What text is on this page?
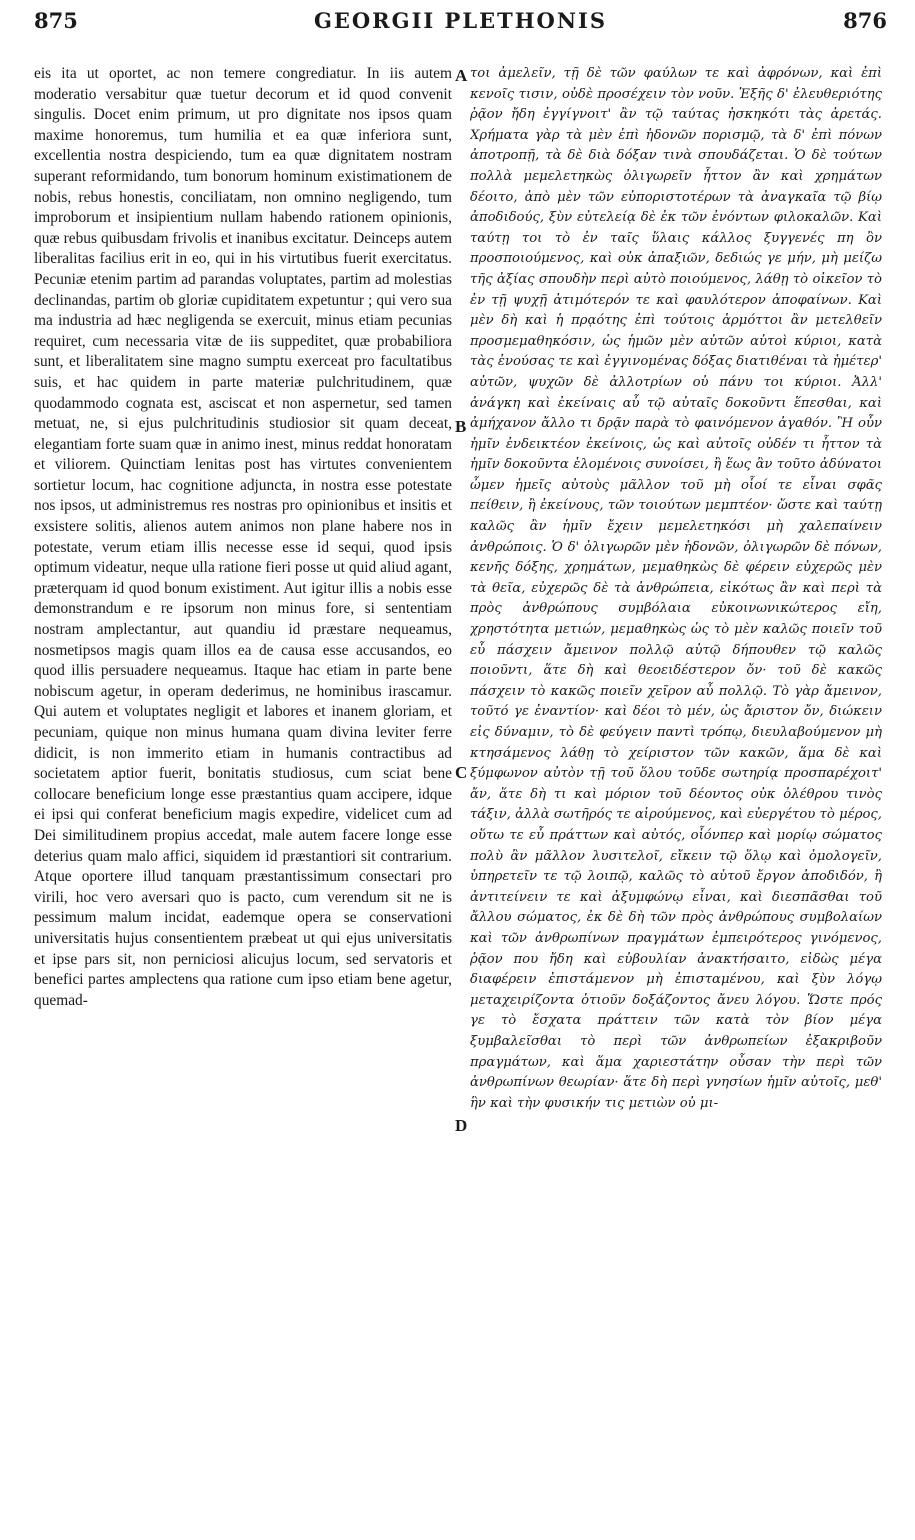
875	GEORGII PLETHONIS	876

eis ita ut oportet, ac non temere congrediatur. In iis autem moderatio versabitur quæ tuetur decorum et id quod convenit singulis. Docet enim primum, ut pro dignitate nos ipsos quam maxime honoremus, tum humilia et ea quæ inferiora sunt, excellentia nostra despiciendo, tum ea quæ dignitatem nostram superant reformidando, tum bonorum hominum existimationem de nobis, rebus honestis, conciliatam, non omnino negligendo, tum improborum et insipientium nullam habendo rationem opinionis, quæ rebus quibusdam frivolis et inanibus excitatur. Deinceps autem liberalitas facilius erit in eo, qui in his virtutibus fuerit exercitatus. Pecuniæ etenim partim ad parandas voluptates, partim ad molestias declinandas, partim ob gloriæ cupiditatem expetuntur ; qui vero sua ma industria ad hæc negligenda se exercuit, minus etiam pecunias requiret, cum necessaria vitæ de iis suppeditet, quæ probabiliora sunt, et liberalitatem sine magno sumptu exerceat pro facultatibus suis, et hac quidem in parte materiæ pulchritudinem, quæ quodammodo cognata est, asciscat et non aspernetur, sed tamen metuat, ne, si ejus pulchritudinis studiosior sit quam deceat, elegantiam forte suam quæ in animo inest, minus reddat honoratam et viliorem. Quinctiam lenitas post has virtutes convenientem sortietur locum, hac cognitione adjuncta, in nostra esse potestate nos ipsos, ut administremus res nostras pro opinionibus et insitis et exsistere solitis, alienos autem animos non plane habere nos in potestate, verum etiam illis necesse esse id sequi, quod ipsis optimum videatur, neque ulla ratione fieri posse ut quid aliud agant, præterquam id quod bonum existiment. Aut igitur illis a nobis esse demonstrandum e re ipsorum non minus fore, si sententiam nostram amplectantur, aut quandiu id præstare nequeamus, nosmetipsos magis quam illos ea de causa esse accusandos, eo quod illis persuadere nequeamus. Itaque hac etiam in parte bene nobiscum agetur, in operam dederimus, ne hominibus irascamur. Qui autem et voluptates negligit et labores et inanem gloriam, et pecuniam, quique non minus humana quam divina leviter ferre didicit, is non immerito etiam in humanis contractibus ad societatem aptior fuerit, bonitatis studiosus, cum sciat bene collocare beneficium longe esse præstantius quam accipere, idque ei ipsi qui conferat beneficium magis expedire, videlicet cum ad Dei similitudinem propius accedat, male autem facere longe esse deterius quam malo affici, siquidem id præstantiori sit contrarium. Atque oportere illud tanquam præstantissimum consectari pro virili, hoc vero aversari quo is pacto, cum verendum sit ne is pessimum malum incidat, eademque opera se conservationi universitatis hujus consentientem præbeat ut qui ejus universitatis et ipse pars sit, non perniciosi alicujus locum, sed servatoris et benefici partes amplectens qua ratione cum ipso etiam bene agetur, quemad-

A
B
C
D

τοι ἀμελεῖν, τῇ δὲ τῶν φαύλων τε καὶ ἀφρόνων, καὶ ἐπὶ κενοῖς τισιν, οὐδὲ προσέχειν τὸν νοῦν. Ἐξῆς δ' ἐλευθεριότης ῥᾷον ἤδη ἐγγίγνοιτ' ἂν τῷ ταύτας ἠσκηκότι τὰς ἀρετάς. Χρήματα γὰρ τὰ μὲν ἐπὶ ἡδονῶν πορισμῷ, τὰ δ' ἐπὶ πόνων ἀποτροπῇ, τὰ δὲ διὰ δόξαν τινὰ σπουδάζεται. Ὁ δὲ τούτων πολλὰ μεμελετηκὼς ὀλιγωρεῖν ἧττον ἂν καὶ χρημάτων δέοιτο, ἀπὸ μὲν τῶν εὐποριστοτέρων τὰ ἀναγκαῖα τῷ βίῳ ἀποδιδούς, ξὺν εὐτελείᾳ δὲ ἐκ τῶν ἐνόντων φιλοκαλῶν. Καὶ ταύτῃ τοι τὸ ἐν ταῖς ὕλαις κάλλος ξυγγενές πη ὂν προσποιούμενος, καὶ οὐκ ἀπαξιῶν, δεδιώς γε μήν, μὴ μείζω τῆς ἀξίας σπουδὴν περὶ αὐτὸ ποιούμενος, λάθῃ τὸ οἰκεῖον τὸ ἐν τῇ ψυχῇ ἀτιμότερόν τε καὶ φαυλότερον ἀποφαίνων. Καὶ μὲν δὴ καὶ ἡ πρᾳότης ἐπὶ τούτοις ἁρμόττοι ἂν μετελθεῖν προσμεμαθηκόσιν, ὡς ἡμῶν μὲν αὐτῶν αὐτοὶ κύριοι, κατὰ τὰς ἐνούσας τε καὶ ἐγγινομένας δόξας διατιθέναι τὰ ἡμέτερ' αὐτῶν, ψυχῶν δὲ ἀλλοτρίων οὐ πάνυ τοι κύριοι. Ἀλλ' ἀνάγκη καὶ ἐκείναις αὖ τῷ αὐταῖς δοκοῦντι ἕπεσθαι, καὶ ἀμήχανον ἄλλο τι δρᾷν παρὰ τὸ φαινόμενον ἀγαθόν. Ἢ οὖν ἡμῖν ἐνδεικτέον ἐκείνοις, ὡς καὶ αὐτοῖς οὐδέν τι ἧττον τὰ ἡμῖν δοκοῦντα ἑλομένοις συνοίσει, ἢ ἕως ἂν τοῦτο ἀδύνατοι ὦμεν ἡμεῖς αὐτοὺς μᾶλλον τοῦ μὴ οἷοί τε εἶναι σφᾶς πείθειν, ἢ ἐκείνους, τῶν τοιούτων μεμπτέον· ὥστε καὶ ταύτῃ καλῶς ἂν ἡμῖν ἔχειν μεμελετηκόσι μὴ χαλεπαίνειν ἀνθρώποις. Ὁ δ' ὀλιγωρῶν μὲν ἡδονῶν, ὀλιγωρῶν δὲ πόνων, κενῆς δόξης, χρημάτων, μεμαθηκὼς δὲ φέρειν εὐχερῶς μὲν τὰ θεῖα, εὐχερῶς δὲ τὰ ἀνθρώπεια, εἰκότως ἂν καὶ περὶ τὰ πρὸς ἀνθρώπους συμβόλαια εὐκοινωνικώτερος εἴη, χρηστότητα μετιών, μεμαθηκὼς ὡς τὸ μὲν καλῶς ποιεῖν τοῦ εὖ πάσχειν ἄμεινον πολλῷ αὐτῷ δήπουθεν τῷ καλῶς ποιοῦντι, ἅτε δὴ καὶ θεοειδέστερον ὄν· τοῦ δὲ κακῶς πάσχειν τὸ κακῶς ποιεῖν χεῖρον αὖ πολλῷ. Τὸ γὰρ ἄμεινον, τοῦτό γε ἐναντίον· καὶ δέοι τὸ μέν, ὡς ἄριστον ὄν, διώκειν εἰς δύναμιν, τὸ δὲ φεύγειν παντὶ τρόπῳ, διευλαβούμενον μὴ κτησάμενος λάθῃ τὸ χείριστον τῶν κακῶν, ἅμα δὲ καὶ ξύμφωνον αὐτὸν τῇ τοῦ ὅλου τοῦδε σωτηρίᾳ προσπαρέχοιτ' ἄν, ἅτε δὴ τι καὶ μόριον τοῦ δέοντος οὐκ ὀλέθρου τινὸς τάξιν, ἀλλὰ σωτῆρός τε αἱρούμενος, καὶ εὐεργέτου τὸ μέρος, οὕτω τε εὖ πράττων καὶ αὐτός, οἷόνπερ καὶ μορίῳ σώματος πολὺ ἂν μᾶλλον λυσιτελοῖ, εἴκειν τῷ ὅλῳ καὶ ὁμολογεῖν, ὑπηρετεῖν τε τῷ λοιπῷ, καλῶς τὸ αὑτοῦ ἔργον ἀποδιδόν, ἢ ἀντιτείνειν τε καὶ ἀξυμφώνῳ εἶναι, καὶ διεσπᾶσθαι τοῦ ἄλλου σώματος, ἐκ δὲ δὴ τῶν πρὸς ἀνθρώπους συμβολαίων καὶ τῶν ἀνθρωπίνων πραγμάτων ἐμπειρότερος γινόμενος, ῥᾷον που ἤδη καὶ εὐβουλίαν ἀνακτήσαιτο, εἰδὼς μέγα διαφέρειν ἐπιστάμενον μὴ ἐπισταμένου, καὶ ξὺν λόγῳ μεταχειρίζοντα ὁτιοῦν δοξάζοντος ἄνευ λόγου. Ὥστε πρός γε τὸ ἔσχατα πράττειν τῶν κατὰ τὸν βίον μέγα ξυμβαλεῖσθαι τὸ περὶ τῶν ἀνθρωπείων ἐξακριβοῦν πραγμάτων, καὶ ἅμα χαριεστάτην οὖσαν τὴν περὶ τῶν ἀνθρωπίνων θεωρίαν· ἅτε δὴ περὶ γνησίων ἡμῖν αὐτοῖς, μεθ' ἣν καὶ τὴν φυσικήν τις μετιὼν οὐ μι-
